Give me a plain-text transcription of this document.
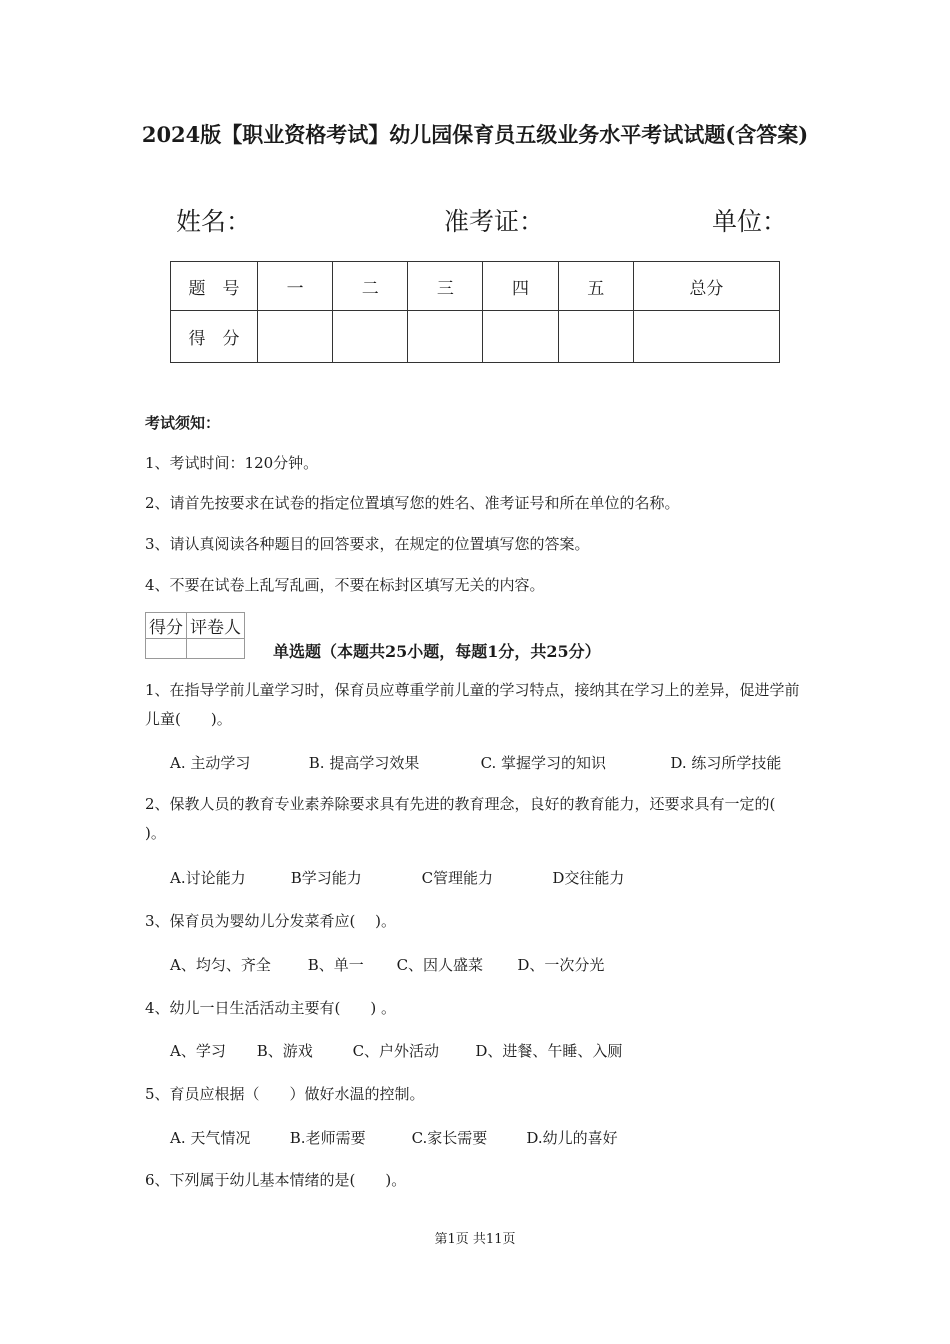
2024版【职业资格考试】幼儿园保育员五级业务水平考试试题(含答案)
姓名：	准考证：	单位：
题　号	一	二	三	四	五	总分
得　分						
考试须知：
1、考试时间：120分钟。
2、请首先按要求在试卷的指定位置填写您的姓名、准考证号和所在单位的名称。
3、请认真阅读各种题目的回答要求，在规定的位置填写您的答案。
4、不要在试卷上乱写乱画，不要在标封区填写无关的内容。
得分	评卷人

单选题（本题共25小题，每题1分，共25分）
1、在指导学前儿童学习时，保育员应尊重学前儿童的学习特点，接纳其在学习上的差异，促进学前儿童(　　)。
A. 主动学习	B. 提高学习效果	C. 掌握学习的知识	D. 练习所学技能
2、保教人员的教育专业素养除要求具有先进的教育理念，良好的教育能力，还要求具有一定的(　 )。
A.讨论能力	B学习能力	C管理能力	D交往能力
3、保育员为婴幼儿分发菜肴应(　 )。
A、均匀、齐全 B、单一 C、因人盛菜 D、一次分光
4、幼儿一日生活活动主要有(　　) 。
A、学习 B、游戏	C、户外活动 D、进餐、午睡、入厕
5、育员应根据（　　）做好水温的控制。
A. 天气情况	B.老师需要	C.家长需要	D.幼儿的喜好
6、下列属于幼儿基本情绪的是(　　)。
第1页 共11页
